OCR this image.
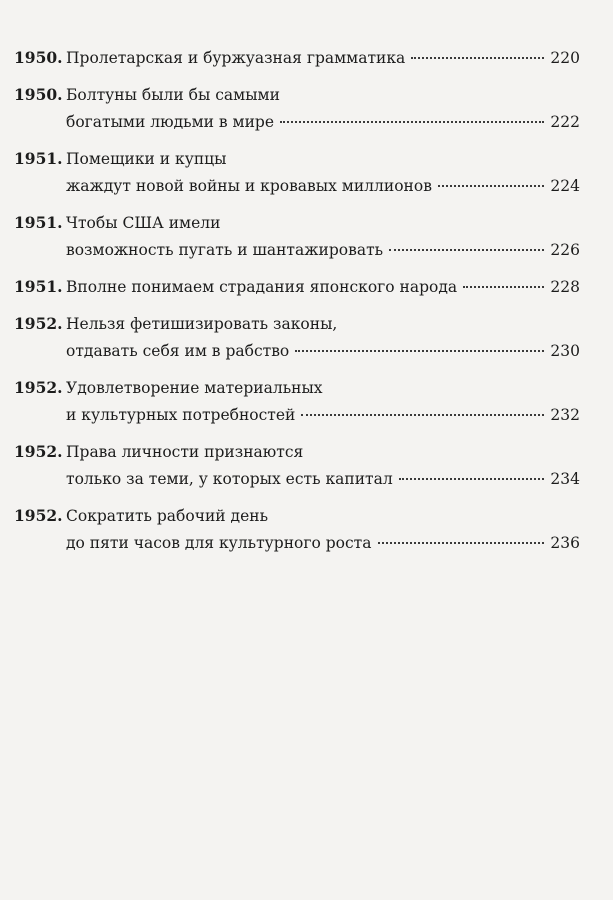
1950. Пролетарская и буржуазная грамматика	220
1950. Болтуны были бы самыми
богатыми людьми в мире	222
1951. Помещики и купцы
жаждут новой войны и кровавых миллионов	224
1951. Чтобы США имели
возможность пугать и шантажировать	226
1951. Вполне понимаем страдания японского народа	228
1952. Нельзя фетишизировать законы,
отдавать себя им в рабство	230
1952. Удовлетворение материальных
и культурных потребностей	232
1952. Права личности признаются
только за теми, у которых есть капитал	234
1952. Сократить рабочий день
до пяти часов для культурного роста	236
